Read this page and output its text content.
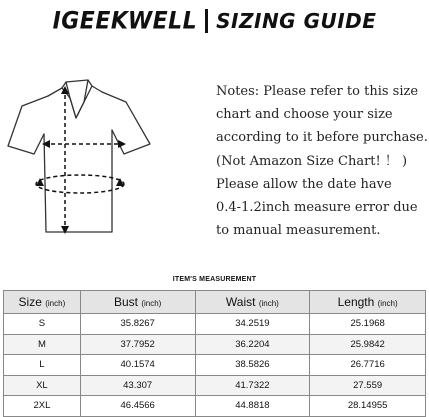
IGEEKWELL SIZING GUIDE
Notes: Please refer to this size
chart and choose your size
according to it before purchase.
(Not Amazon Size Chart! ！ )
Please allow the date have
0.4-1.2inch measure error due
to manual measurement.
ITEM'S MEASUREMENT
Size (inch)	Bust (inch)	Waist (inch)	Length (inch)
S	35.8267	34.2519	25.1968
M	37.7952	36.2204	25.9842
L	40.1574	38.5826	26.7716
XL	43.307	41.7322	27.559
2XL	46.4566	44.8818	28.14955
